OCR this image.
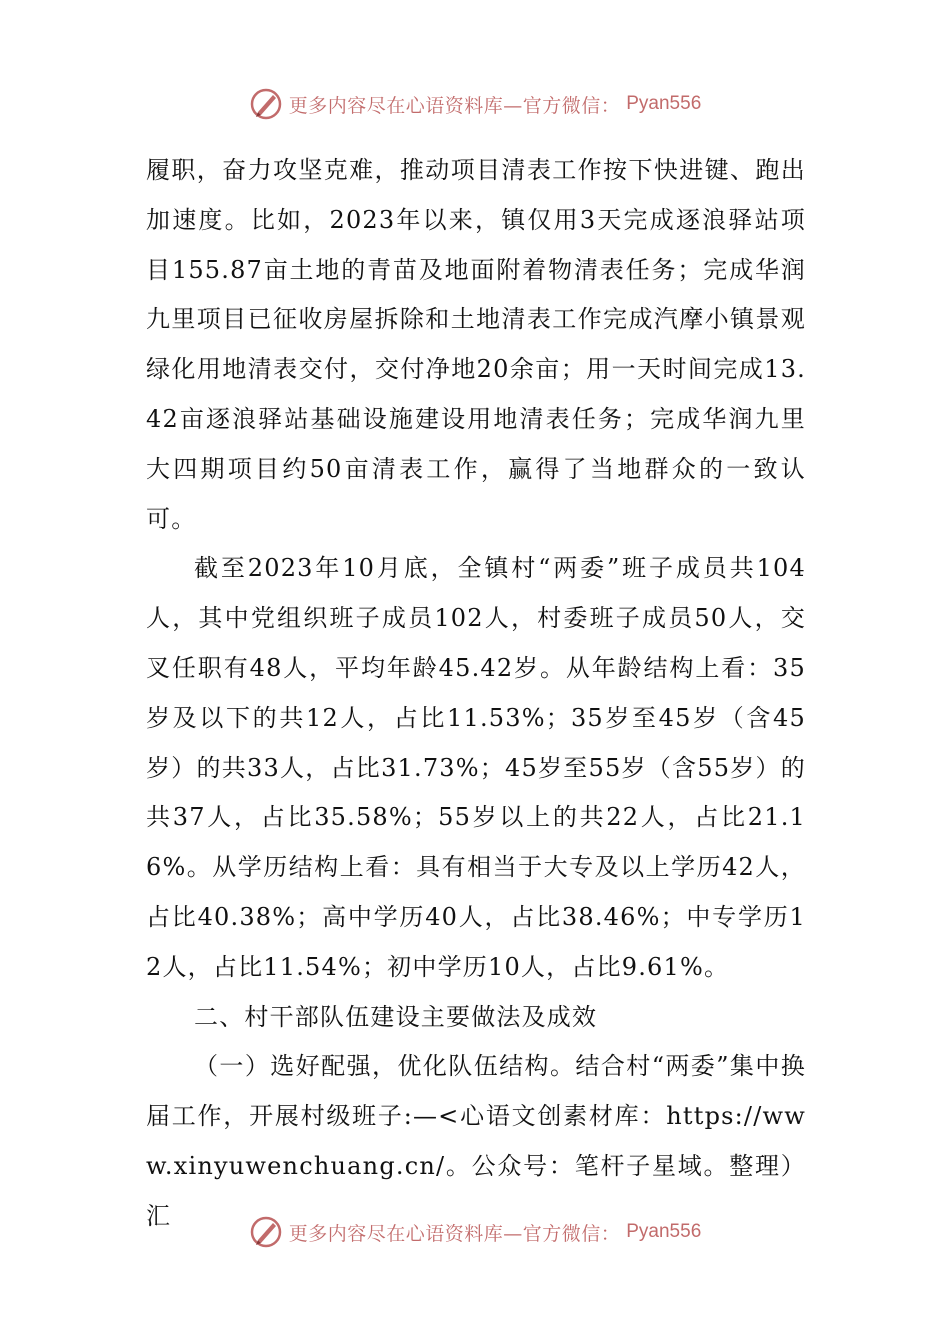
更多内容尽在心语资料库—官方微信： Pyan556

履职，奋力攻坚克难，推动项目清表工作按下快进键、跑出加速度。比如，2023年以来，镇仅用3天完成逐浪驿站项目155.87亩土地的青苗及地面附着物清表任务；完成华润九里项目已征收房屋拆除和土地清表工作完成汽摩小镇景观绿化用地清表交付，交付净地20余亩；用一天时间完成13.42亩逐浪驿站基础设施建设用地清表任务；完成华润九里大四期项目约50亩清表工作，赢得了当地群众的一致认可。

截至2023年10月底，全镇村“两委”班子成员共104人，其中党组织班子成员102人，村委班子成员50人，交叉任职有48人，平均年龄45.42岁。从年龄结构上看：35岁及以下的共12人，占比11.53%；35岁至45岁（含45岁）的共33人，占比31.73%；45岁至55岁（含55岁）的共37人，占比35.58%；55岁以上的共22人，占比21.16%。从学历结构上看：具有相当于大专及以上学历42人，占比40.38%；高中学历40人，占比38.46%；中专学历12人，占比11.54%；初中学历10人，占比9.61%。

二、村干部队伍建设主要做法及成效

（一）选好配强，优化队伍结构。结合村“两委”集中换届工作，开展村级班子:—<心语文创素材库：https://www.xinyuwenchuang.cn/。公众号：笔杆子星域。整理）汇

更多内容尽在心语资料库—官方微信： Pyan556
